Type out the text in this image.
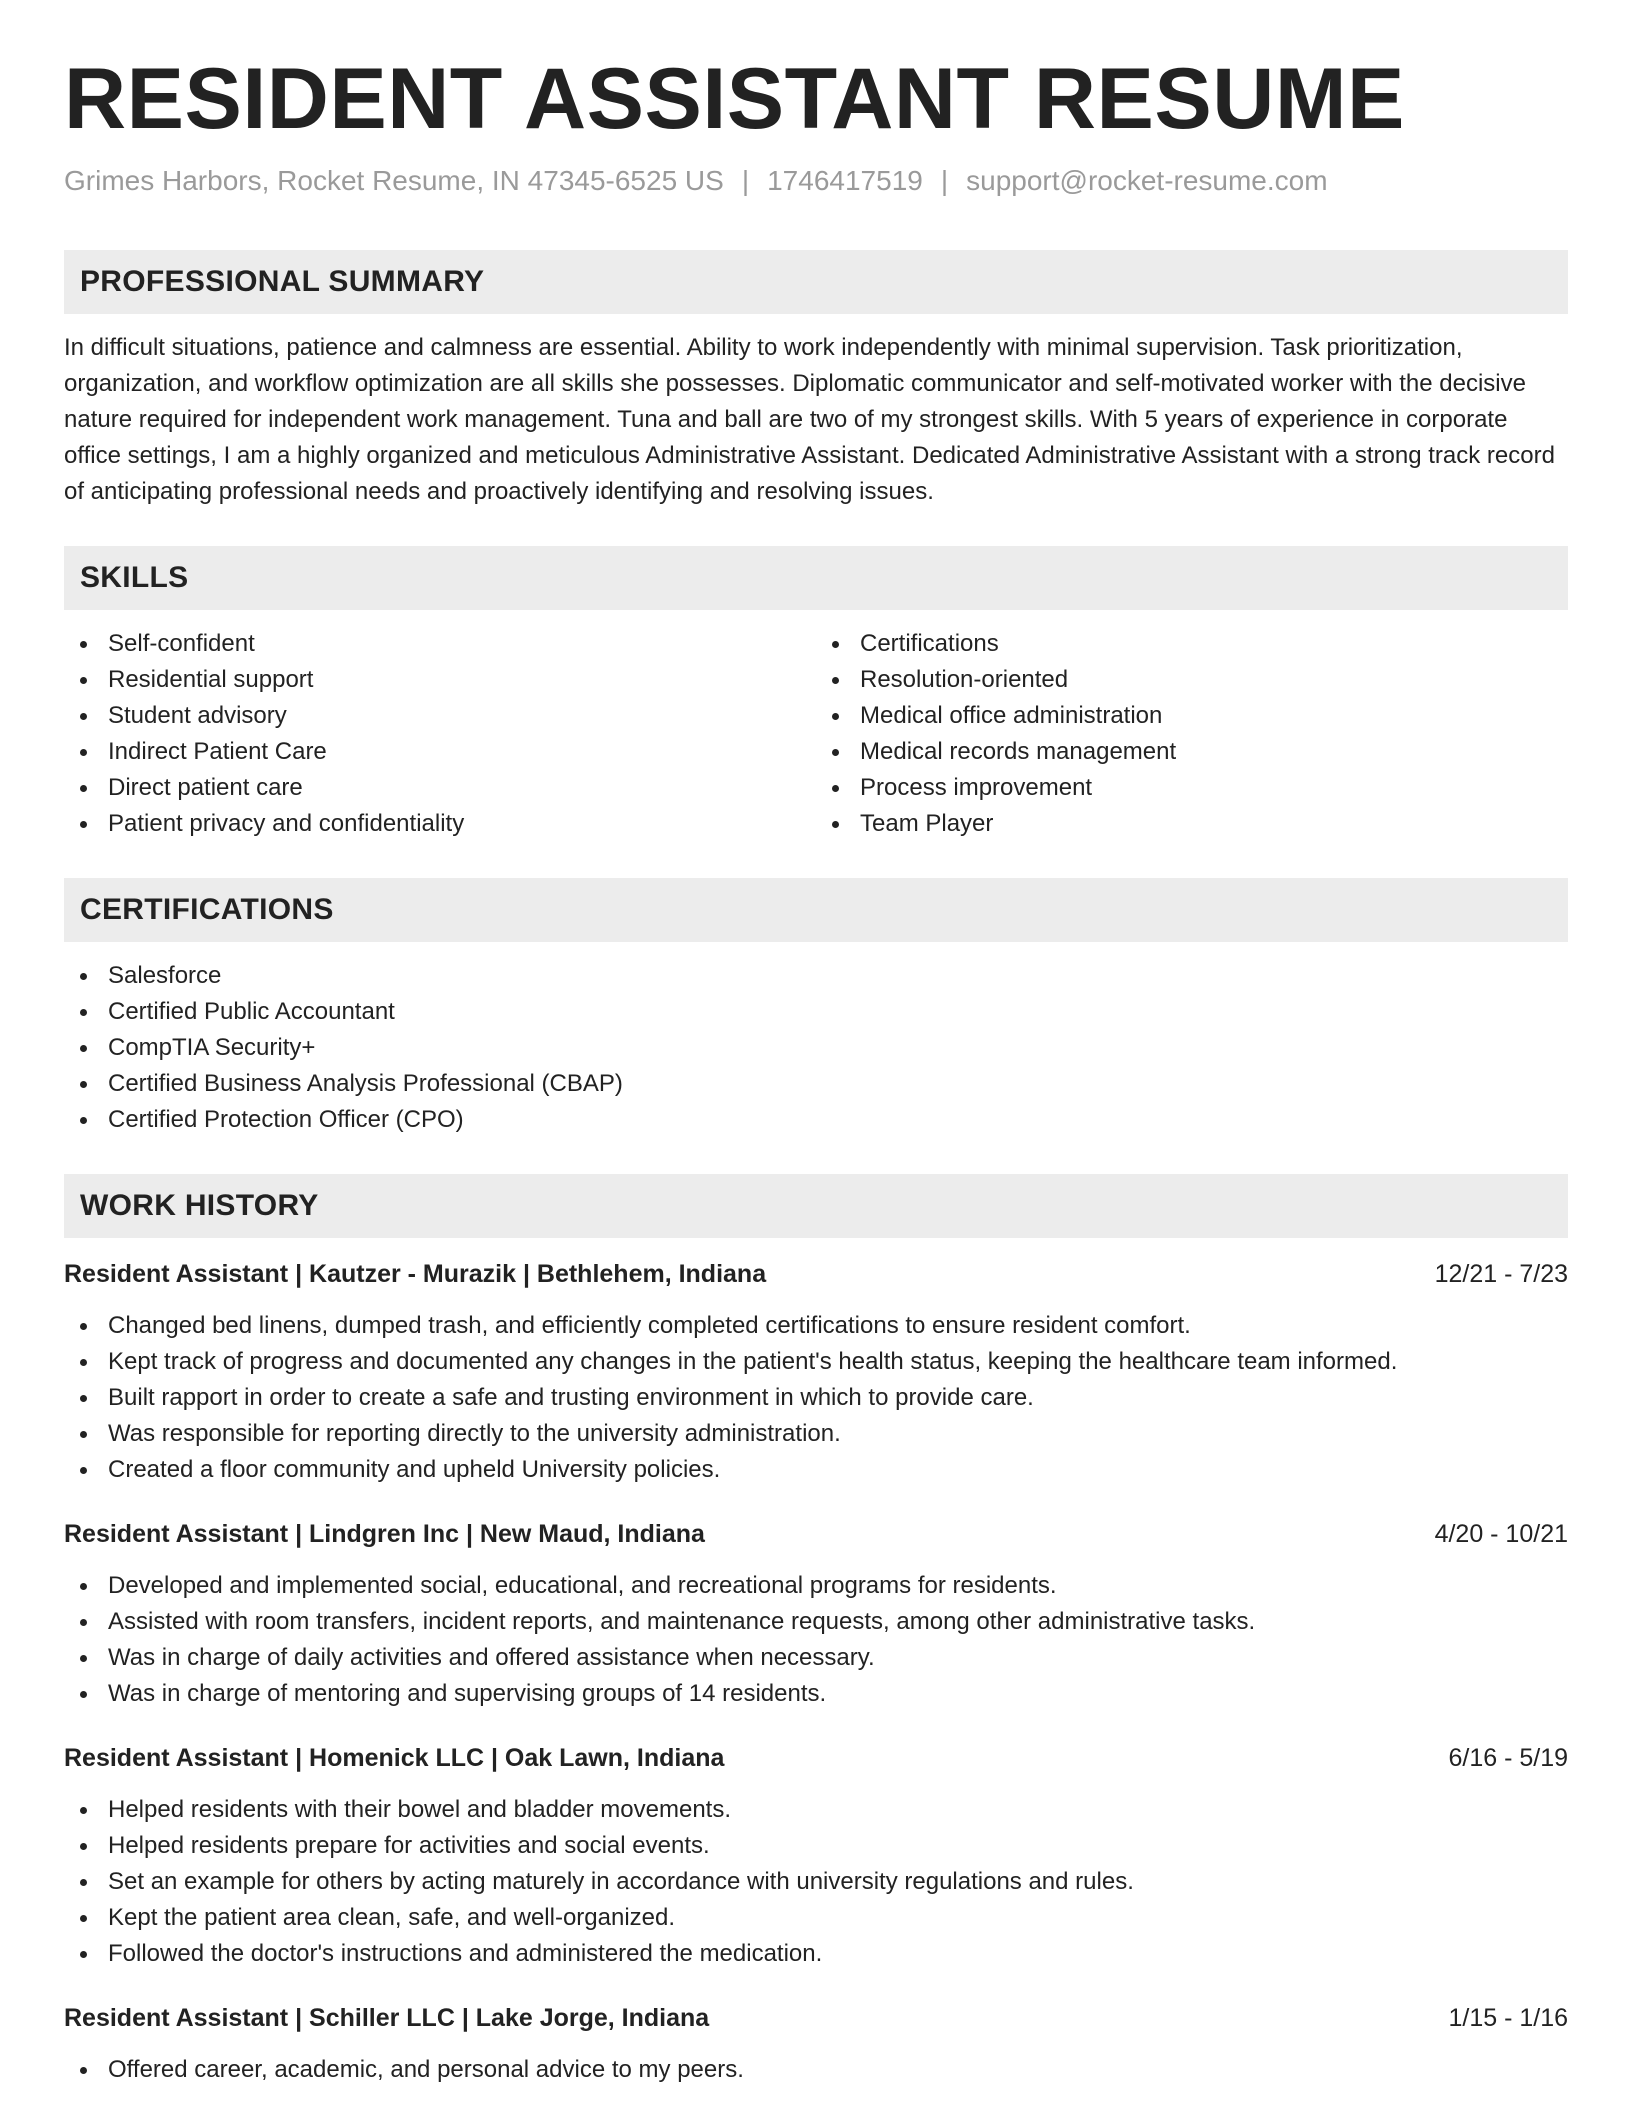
RESIDENT ASSISTANT RESUME
Grimes Harbors, Rocket Resume, IN 47345-6525 US | 1746417519 | support@rocket-resume.com
PROFESSIONAL SUMMARY
In difficult situations, patience and calmness are essential. Ability to work independently with minimal supervision. Task prioritization, organization, and workflow optimization are all skills she possesses. Diplomatic communicator and self-motivated worker with the decisive nature required for independent work management. Tuna and ball are two of my strongest skills. With 5 years of experience in corporate office settings, I am a highly organized and meticulous Administrative Assistant. Dedicated Administrative Assistant with a strong track record of anticipating professional needs and proactively identifying and resolving issues.
SKILLS
Self-confident
Residential support
Student advisory
Indirect Patient Care
Direct patient care
Patient privacy and confidentiality
Certifications
Resolution-oriented
Medical office administration
Medical records management
Process improvement
Team Player
CERTIFICATIONS
Salesforce
Certified Public Accountant
CompTIA Security+
Certified Business Analysis Professional (CBAP)
Certified Protection Officer (CPO)
WORK HISTORY
Resident Assistant | Kautzer - Murazik | Bethlehem, Indiana	12/21 - 7/23
Changed bed linens, dumped trash, and efficiently completed certifications to ensure resident comfort.
Kept track of progress and documented any changes in the patient's health status, keeping the healthcare team informed.
Built rapport in order to create a safe and trusting environment in which to provide care.
Was responsible for reporting directly to the university administration.
Created a floor community and upheld University policies.
Resident Assistant | Lindgren Inc | New Maud, Indiana	4/20 - 10/21
Developed and implemented social, educational, and recreational programs for residents.
Assisted with room transfers, incident reports, and maintenance requests, among other administrative tasks.
Was in charge of daily activities and offered assistance when necessary.
Was in charge of mentoring and supervising groups of 14 residents.
Resident Assistant | Homenick LLC | Oak Lawn, Indiana	6/16 - 5/19
Helped residents with their bowel and bladder movements.
Helped residents prepare for activities and social events.
Set an example for others by acting maturely in accordance with university regulations and rules.
Kept the patient area clean, safe, and well-organized.
Followed the doctor's instructions and administered the medication.
Resident Assistant | Schiller LLC | Lake Jorge, Indiana	1/15 - 1/16
Offered career, academic, and personal advice to my peers.
